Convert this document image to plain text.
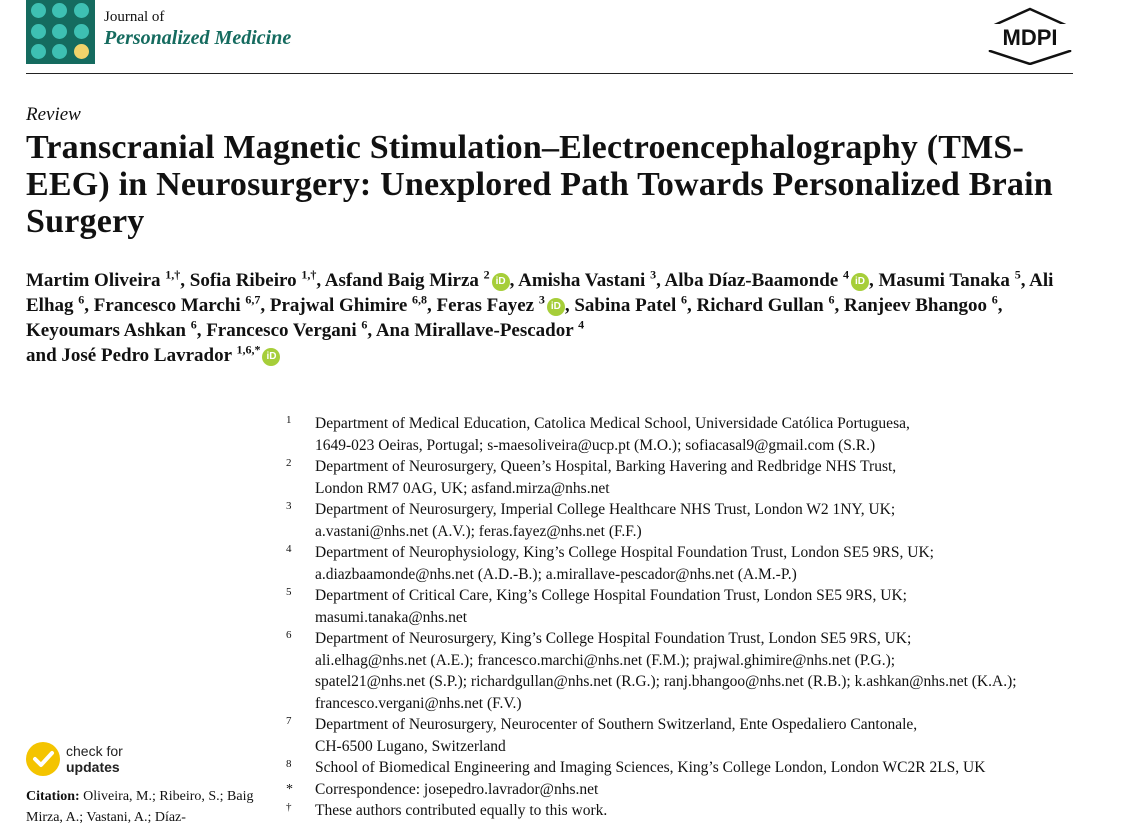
Journal of
Personalized Medicine	MDPI
Review
Transcranial Magnetic Stimulation–Electroencephalography (TMS-EEG) in Neurosurgery: Unexplored Path Towards Personalized Brain Surgery
Martim Oliveira $^{1,\dagger}$, Sofia Ribeiro $^{1,\dagger}$, Asfand Baig Mirza $^2$ iD , Amisha Vastani $^3$, Alba Díaz-Baamonde $^4$ iD , Masumi Tanaka $^5$, Ali Elhag $^6$, Francesco Marchi $^{6,7}$, Prajwal Ghimire $^{6,8}$, Feras Fayez $^3$ iD , Sabina Patel $^6$, Richard Gullan $^6$, Ranjeev Bhangoo $^6$, Keyoumars Ashkan $^6$, Francesco Vergani $^6$, Ana Mirallave-Pescador $^4$
and José Pedro Lavrador $^{1,6,*}$ iD
1 Department of Medical Education, Catolica Medical School, Universidade Católica Portuguesa,
1649-023 Oeiras, Portugal; s-maesoliveira@ucp.pt (M.O.); sofiacasal9@gmail.com (S.R.)
2 Department of Neurosurgery, Queen’s Hospital, Barking Havering and Redbridge NHS Trust,
London RM7 0AG, UK; asfand.mirza@nhs.net
3 Department of Neurosurgery, Imperial College Healthcare NHS Trust, London W2 1NY, UK;
a.vastani@nhs.net (A.V.); feras.fayez@nhs.net (F.F.)
4 Department of Neurophysiology, King’s College Hospital Foundation Trust, London SE5 9RS, UK;
a.diazbaamonde@nhs.net (A.D.-B.); a.mirallave-pescador@nhs.net (A.M.-P.)
5 Department of Critical Care, King’s College Hospital Foundation Trust, London SE5 9RS, UK;
masumi.tanaka@nhs.net
6 Department of Neurosurgery, King’s College Hospital Foundation Trust, London SE5 9RS, UK;
ali.elhag@nhs.net (A.E.); francesco.marchi@nhs.net (F.M.); prajwal.ghimire@nhs.net (P.G.);
spatel21@nhs.net (S.P.); richardgullan@nhs.net (R.G.); ranj.bhangoo@nhs.net (R.B.); k.ashkan@nhs.net (K.A.);
francesco.vergani@nhs.net (F.V.)
7 Department of Neurosurgery, Neurocenter of Southern Switzerland, Ente Ospedaliero Cantonale,
CH-6500 Lugano, Switzerland
8 School of Biomedical Engineering and Imaging Sciences, King’s College London, London WC2R 2LS, UK
* Correspondence: josepedro.lavrador@nhs.net
† These authors contributed equally to this work.
check for
updates
Citation: Oliveira, M.; Ribeiro, S.; Baig Mirza, A.; Vastani, A.; Díaz-
